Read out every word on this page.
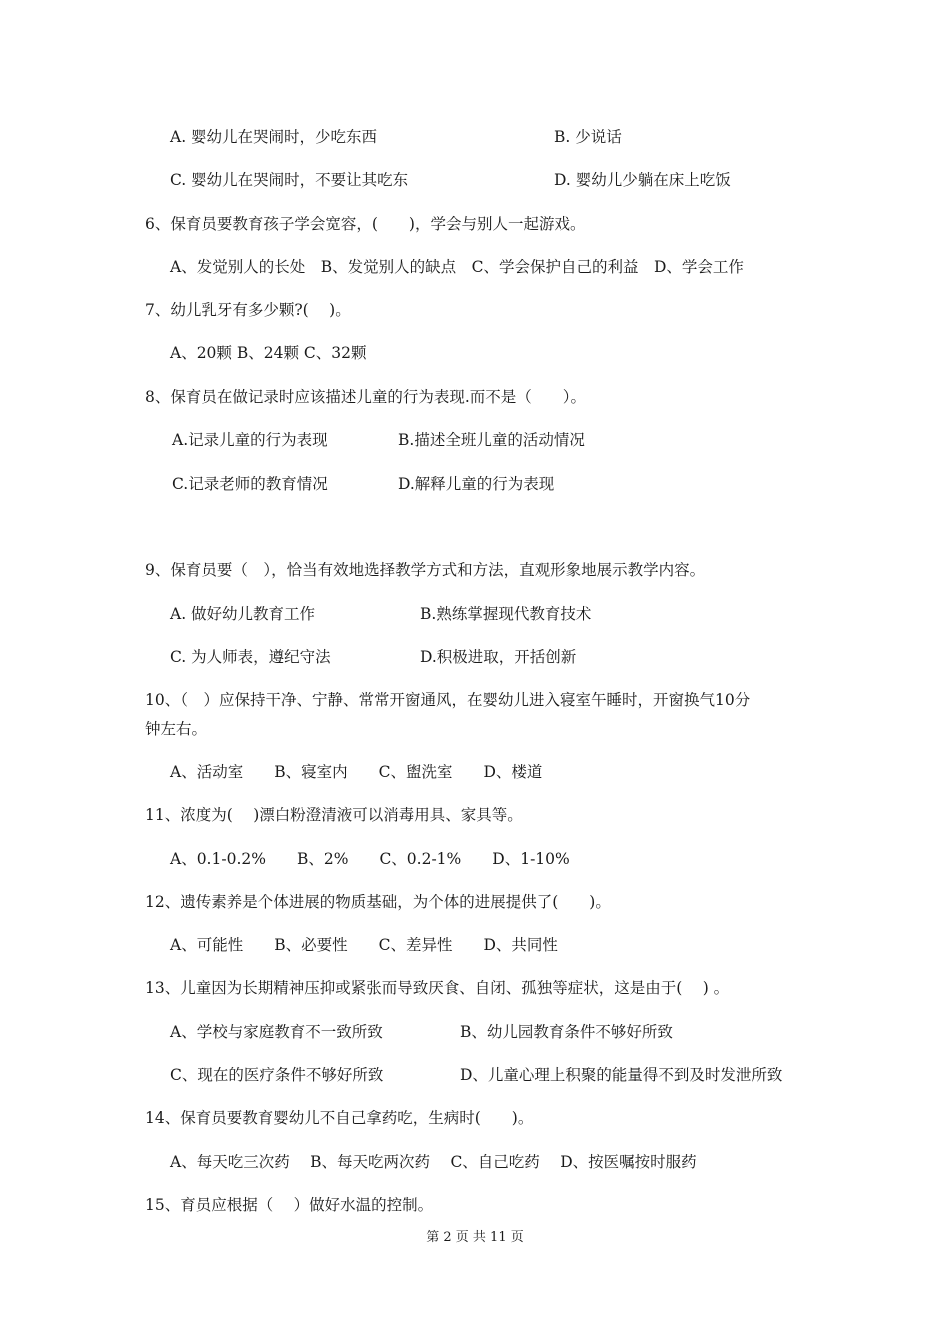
A. 婴幼儿在哭闹时，少吃东西	B. 少说话
C. 婴幼儿在哭闹时，不要让其吃东	D. 婴幼儿少躺在床上吃饭
6、保育员要教育孩子学会宽容，(　　)，学会与别人一起游戏。
A、发觉别人的长处　B、发觉别人的缺点　C、学会保护自己的利益　D、学会工作
7、幼儿乳牙有多少颗?(　 )。
A、20颗 B、24颗 C、32颗
8、保育员在做记录时应该描述儿童的行为表现.而不是（　　）。
A.记录儿童的行为表现	B.描述全班儿童的活动情况
C.记录老师的教育情况	D.解释儿童的行为表现
9、保育员要（　），恰当有效地选择教学方式和方法，直观形象地展示教学内容。
A. 做好幼儿教育工作	B.熟练掌握现代教育技术
C. 为人师表，遵纪守法	D.积极进取，开括创新
10、（　）应保持干净、宁静、常常开窗通风，在婴幼儿进入寝室午睡时，开窗换气10分
钟左右。
A、活动室　　B、寝室内　　C、盥洗室　　D、楼道
11、浓度为(　 )漂白粉澄清液可以消毒用具、家具等。
A、0.1-0.2%　　B、2%　　C、0.2-1%　　D、1-10%
12、遗传素养是个体进展的物质基础，为个体的进展提供了(　　)。
A、可能性　　B、必要性　　C、差异性　　D、共同性
13、儿童因为长期精神压抑或紧张而导致厌食、自闭、孤独等症状，这是由于(　 ) 。
A、学校与家庭教育不一致所致	B、幼儿园教育条件不够好所致
C、现在的医疗条件不够好所致	D、儿童心理上积聚的能量得不到及时发泄所致
14、保育员要教育婴幼儿不自己拿药吃，生病时(　　)。
A、每天吃三次药　 B、每天吃两次药　 C、自己吃药　 D、按医嘱按时服药
15、育员应根据（　 ）做好水温的控制。
第 2 页 共 11 页
